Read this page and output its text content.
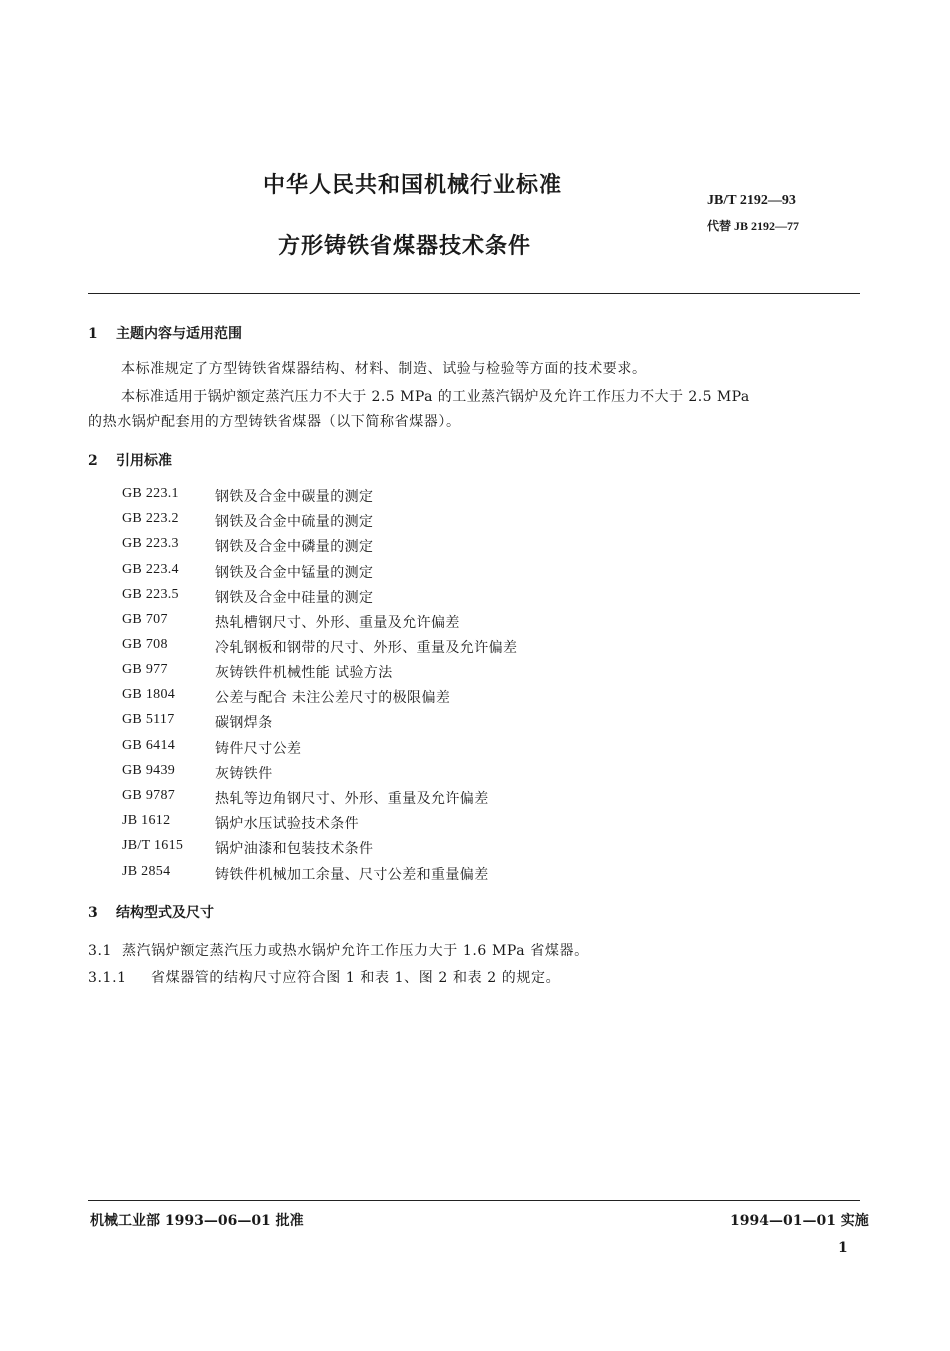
中华人民共和国机械行业标准
方形铸铁省煤器技术条件
JB/T 2192—93
代替 JB 2192—77
1 主题内容与适用范围
本标准规定了方型铸铁省煤器结构、材料、制造、试验与检验等方面的技术要求。
本标准适用于锅炉额定蒸汽压力不大于 2.5 MPa 的工业蒸汽锅炉及允许工作压力不大于 2.5 MPa
的热水锅炉配套用的方型铸铁省煤器（以下简称省煤器）。
2 引用标准
GB 223.1	钢铁及合金中碳量的测定
GB 223.2	钢铁及合金中硫量的测定
GB 223.3	钢铁及合金中磷量的测定
GB 223.4	钢铁及合金中锰量的测定
GB 223.5	钢铁及合金中硅量的测定
GB 707	热轧槽钢尺寸、外形、重量及允许偏差
GB 708	冷轧钢板和钢带的尺寸、外形、重量及允许偏差
GB 977	灰铸铁件机械性能 试验方法
GB 1804	公差与配合 未注公差尺寸的极限偏差
GB 5117	碳钢焊条
GB 6414	铸件尺寸公差
GB 9439	灰铸铁件
GB 9787	热轧等边角钢尺寸、外形、重量及允许偏差
JB 1612	锅炉水压试验技术条件
JB/T 1615	锅炉油漆和包装技术条件
JB 2854	铸铁件机械加工余量、尺寸公差和重量偏差
3 结构型式及尺寸
3.1 蒸汽锅炉额定蒸汽压力或热水锅炉允许工作压力大于 1.6 MPa 省煤器。
3.1.1 省煤器管的结构尺寸应符合图 1 和表 1、图 2 和表 2 的规定。
机械工业部 1993—06—01 批准	1994—01—01 实施
1
